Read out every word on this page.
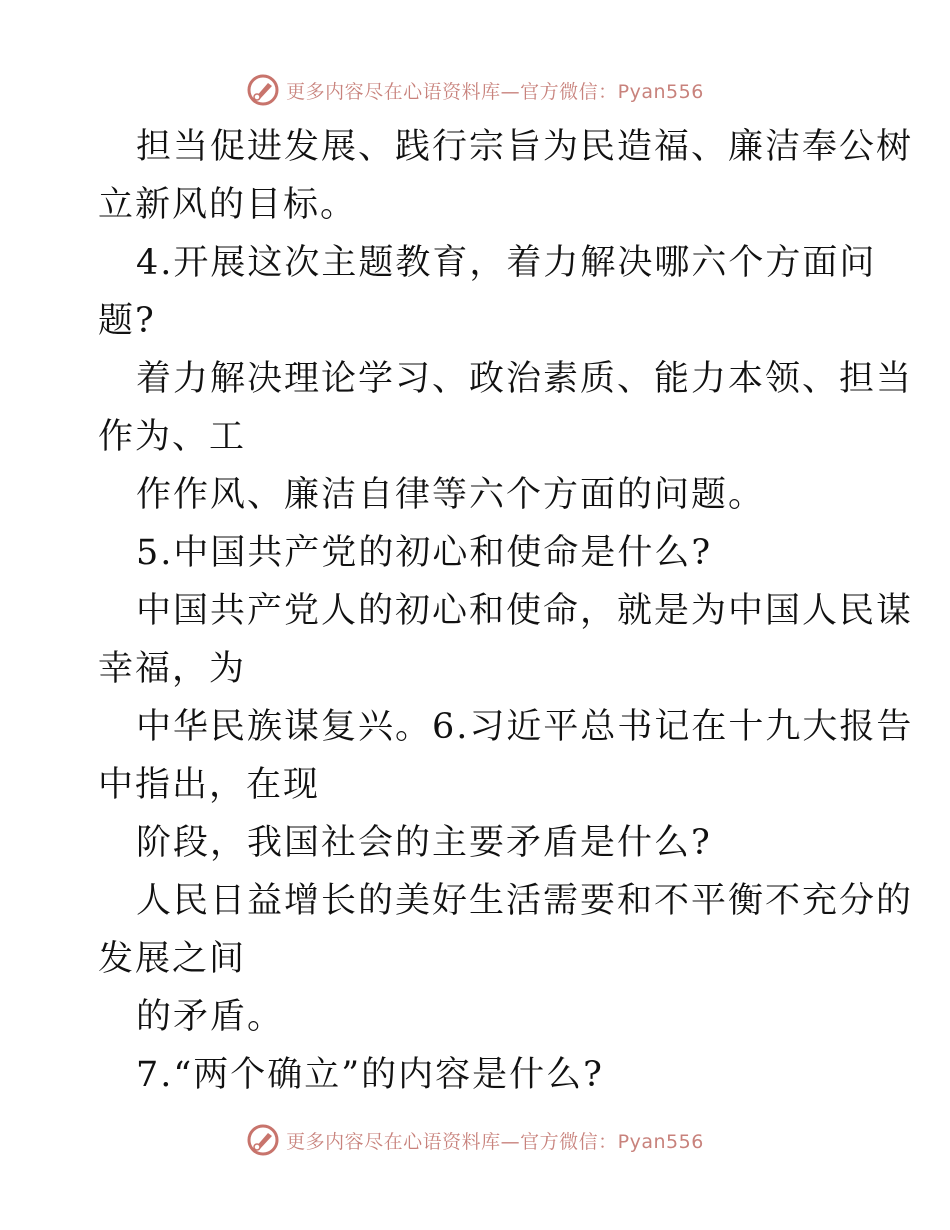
更多内容尽在心语资料库—官方微信：Pyan556
担当促进发展、践行宗旨为民造福、廉洁奉公树
立新风的目标。
4.开展这次主题教育，着力解决哪六个方面问
题?
着力解决理论学习、政治素质、能力本领、担当
作为、工
作作风、廉洁自律等六个方面的问题。
5.中国共产党的初心和使命是什么?
中国共产党人的初心和使命，就是为中国人民谋
幸福，为
中华民族谋复兴。6.习近平总书记在十九大报告
中指出，在现
阶段，我国社会的主要矛盾是什么?
人民日益增长的美好生活需要和不平衡不充分的
发展之间
的矛盾。
7.“两个确立”的内容是什么?
更多内容尽在心语资料库—官方微信：Pyan556
